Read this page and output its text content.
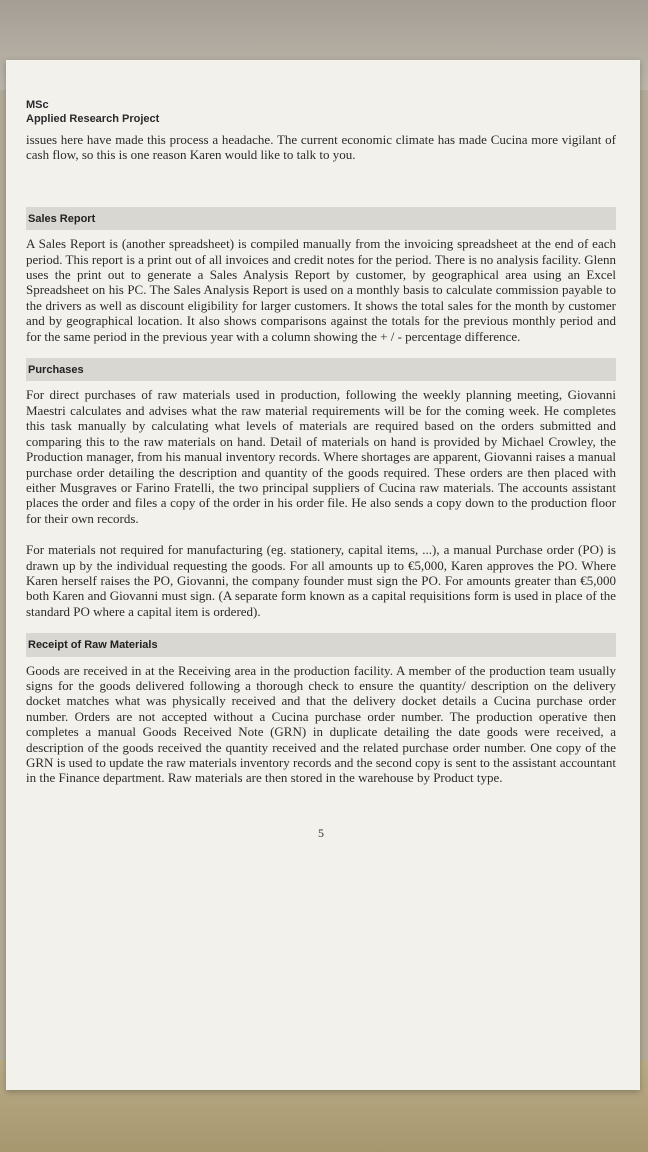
MSc
Applied Research Project

issues here have made this process a headache. The current economic climate has made Cucina more vigilant of cash flow, so this is one reason Karen would like to talk to you.

Sales Report

A Sales Report is (another spreadsheet) is compiled manually from the invoicing spreadsheet at the end of each period. This report is a print out of all invoices and credit notes for the period. There is no analysis facility. Glenn uses the print out to generate a Sales Analysis Report by customer, by geographical area using an Excel Spreadsheet on his PC. The Sales Analysis Report is used on a monthly basis to calculate commission payable to the drivers as well as discount eligibility for larger customers. It shows the total sales for the month by customer and by geographical location. It also shows comparisons against the totals for the previous monthly period and for the same period in the previous year with a column showing the + / - percentage difference.

Purchases

For direct purchases of raw materials used in production, following the weekly planning meeting, Giovanni Maestri calculates and advises what the raw material requirements will be for the coming week. He completes this task manually by calculating what levels of materials are required based on the orders submitted and comparing this to the raw materials on hand. Detail of materials on hand is provided by Michael Crowley, the Production manager, from his manual inventory records. Where shortages are apparent, Giovanni raises a manual purchase order detailing the description and quantity of the goods required. These orders are then placed with either Musgraves or Farino Fratelli, the two principal suppliers of Cucina raw materials. The accounts assistant places the order and files a copy of the order in his order file. He also sends a copy down to the production floor for their own records.

For materials not required for manufacturing (eg. stationery, capital items, ...), a manual Purchase order (PO) is drawn up by the individual requesting the goods. For all amounts up to €5,000, Karen approves the PO. Where Karen herself raises the PO, Giovanni, the company founder must sign the PO. For amounts greater than €5,000 both Karen and Giovanni must sign. (A separate form known as a capital requisitions form is used in place of the standard PO where a capital item is ordered).

Receipt of Raw Materials

Goods are received in at the Receiving area in the production facility. A member of the production team usually signs for the goods delivered following a thorough check to ensure the quantity/ description on the delivery docket matches what was physically received and that the delivery docket details a Cucina purchase order number. Orders are not accepted without a Cucina purchase order number. The production operative then completes a manual Goods Received Note (GRN) in duplicate detailing the date goods were received, a description of the goods received the quantity received and the related purchase order number. One copy of the GRN is used to update the raw materials inventory records and the second copy is sent to the assistant accountant in the Finance department. Raw materials are then stored in the warehouse by Product type.

5
